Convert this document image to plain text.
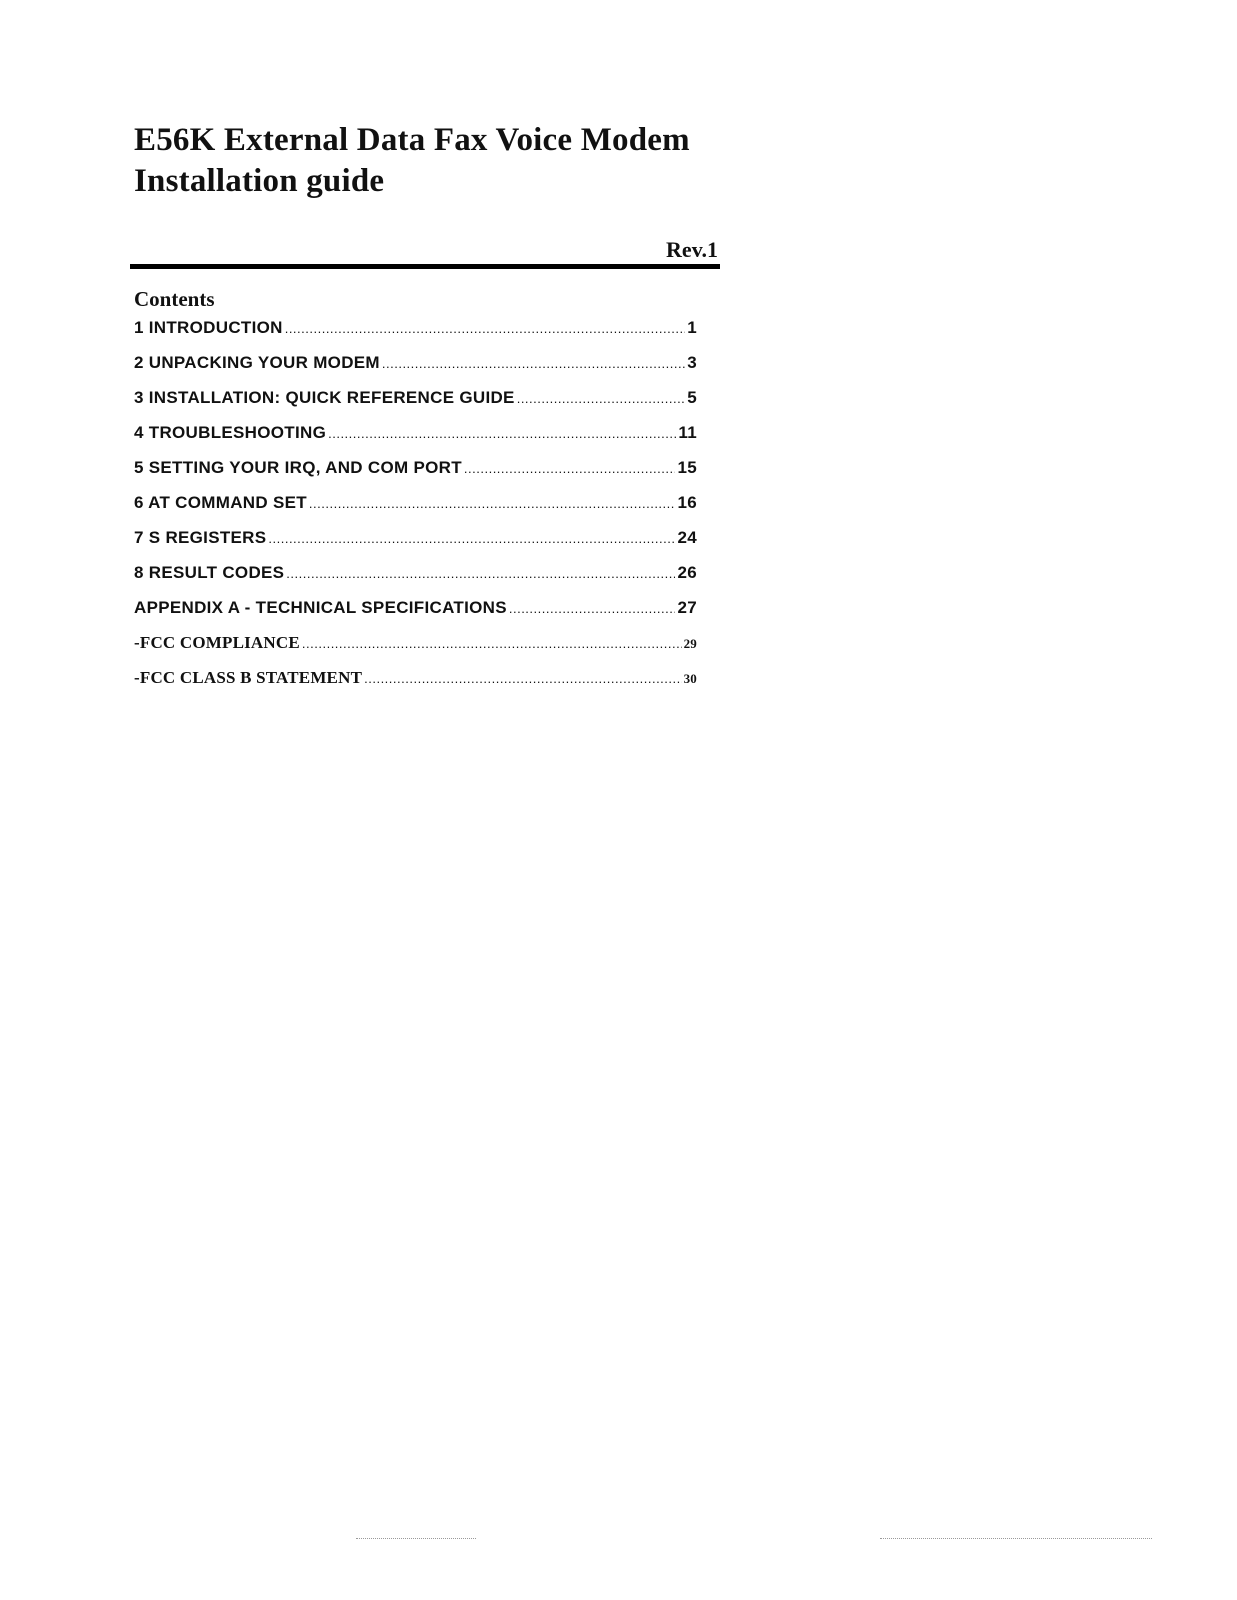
E56K External Data Fax Voice Modem
Installation guide
Rev.1
Contents
1 INTRODUCTION .....	1
2 UNPACKING YOUR MODEM .....	3
3 INSTALLATION: QUICK REFERENCE GUIDE .....	5
4 TROUBLESHOOTING .....	11
5 SETTING YOUR IRQ, AND COM PORT .....	15
6 AT COMMAND SET .....	16
7 S REGISTERS .....	24
8 RESULT CODES .....	26
APPENDIX A - TECHNICAL SPECIFICATIONS .....	27
-FCC COMPLIANCE .....	29
-FCC CLASS B STATEMENT .....	30
